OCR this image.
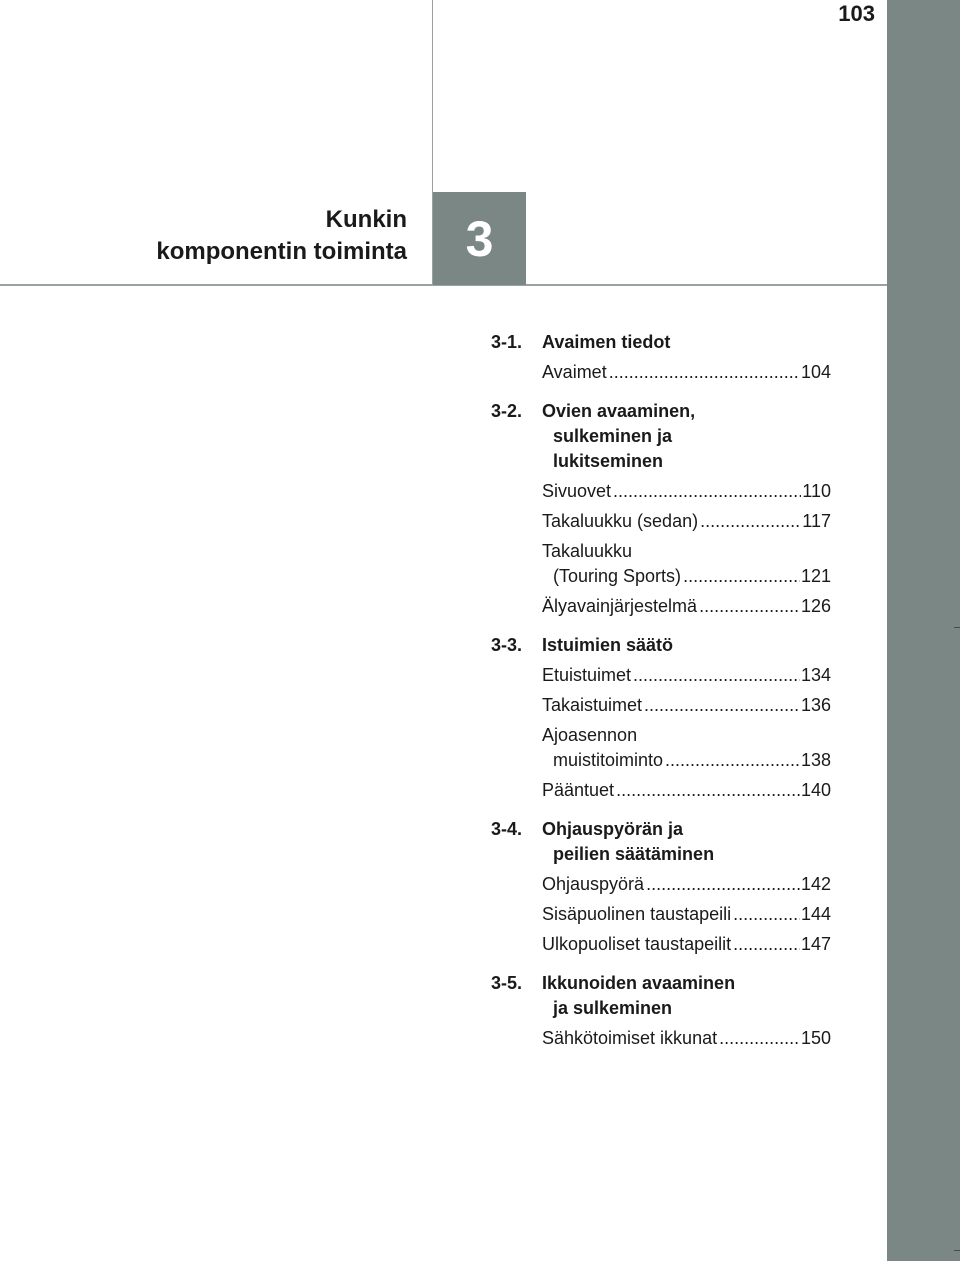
103
3
Kunkin
komponentin toiminta
3-1.	Avaimen tiedot
Avaimet .....	104
3-2.	Ovien avaaminen,
sulkeminen ja
lukitseminen
Sivuovet .....	110
Takaluukku (sedan) .....	117
Takaluukku
(Touring Sports) .....	121
Älyavainjärjestelmä .....	126
3-3.	Istuimien säätö
Etuistuimet .....	134
Takaistuimet .....	136
Ajoasennon
muistitoiminto .....	138
Pääntuet .....	140
3-4.	Ohjauspyörän ja
peilien säätäminen
Ohjauspyörä .....	142
Sisäpuolinen taustapeili .....	144
Ulkopuoliset taustapeilit .....	147
3-5.	Ikkunoiden avaaminen
ja sulkeminen
Sähkötoimiset ikkunat .....	150
